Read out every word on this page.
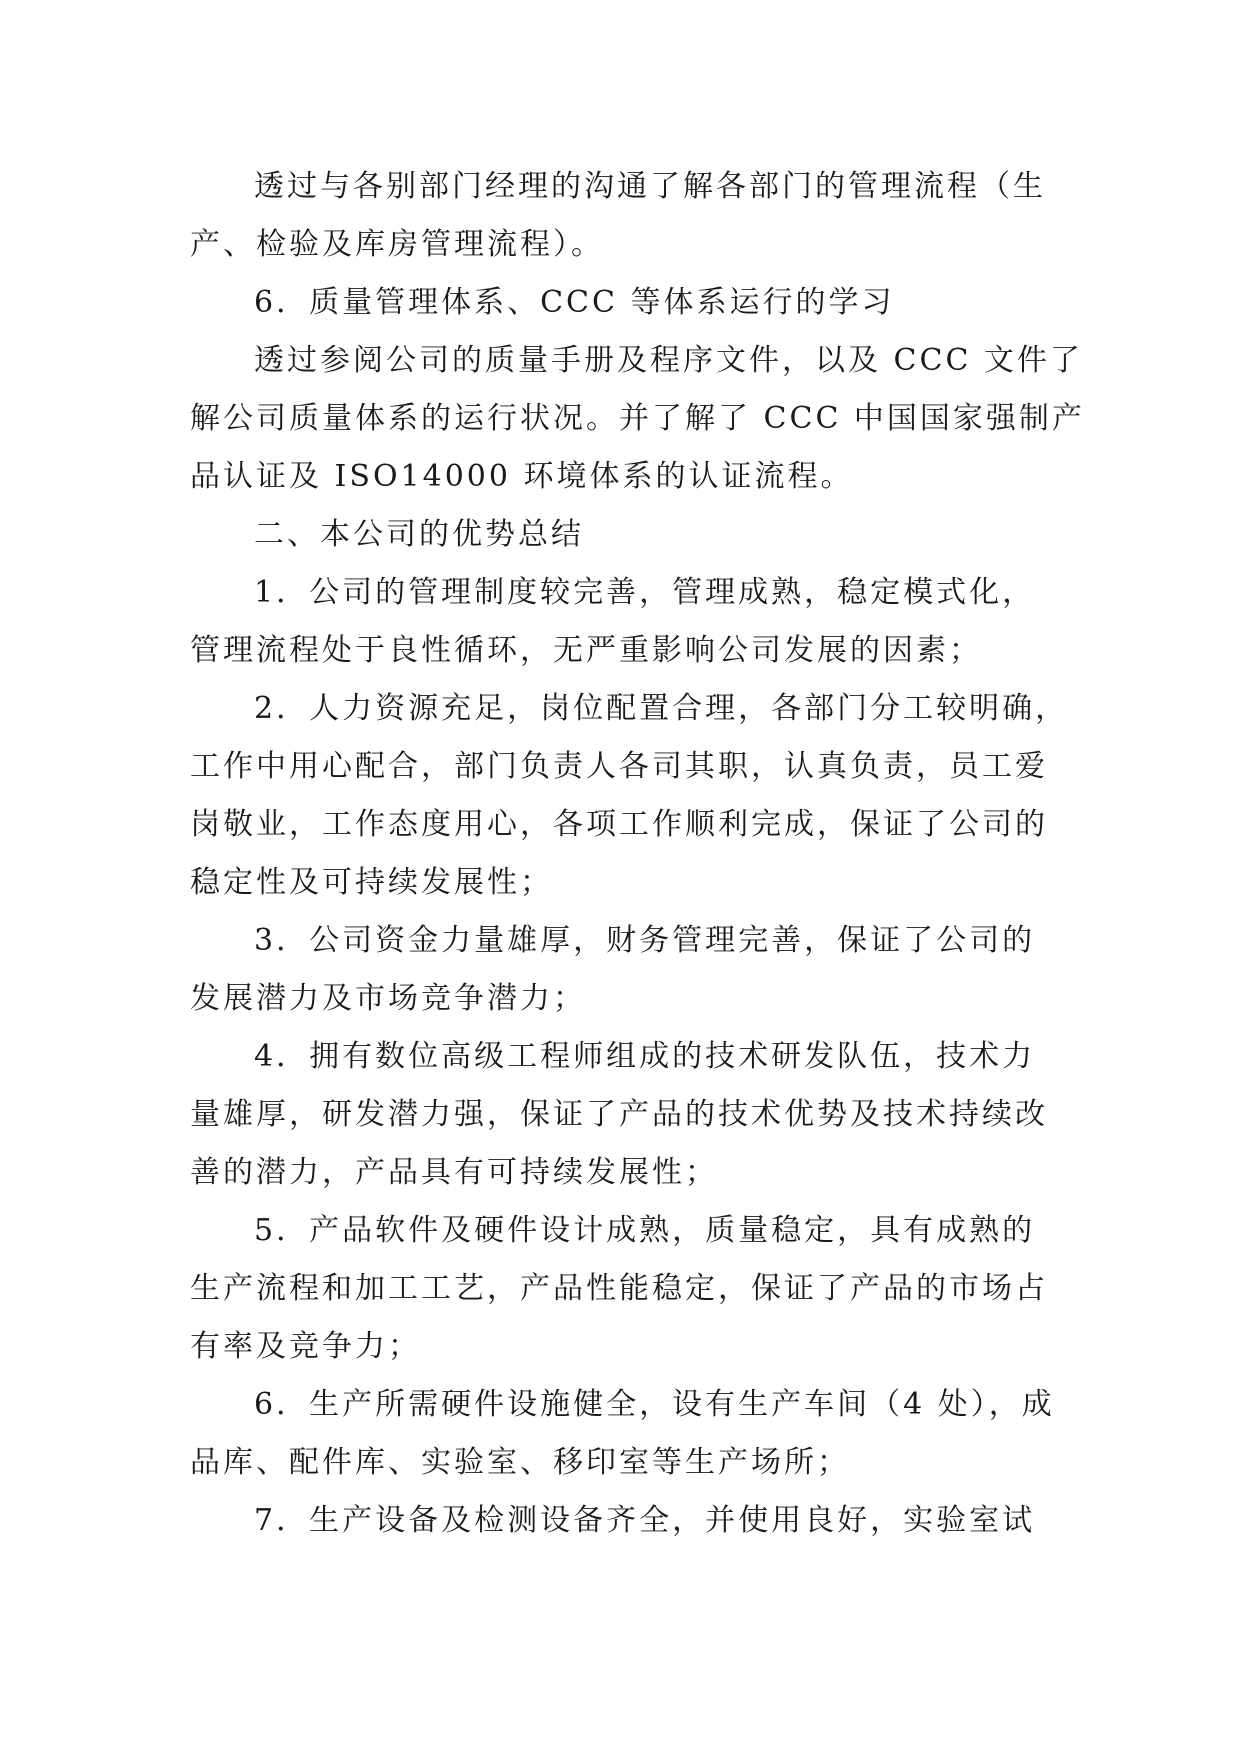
透过与各别部门经理的沟通了解各部门的管理流程（生
产、检验及库房管理流程）。
6．质量管理体系、CCC 等体系运行的学习
透过参阅公司的质量手册及程序文件，以及 CCC 文件了
解公司质量体系的运行状况。并了解了 CCC 中国国家强制产
品认证及 ISO14000 环境体系的认证流程。
二、本公司的优势总结
1．公司的管理制度较完善，管理成熟，稳定模式化，
管理流程处于良性循环，无严重影响公司发展的因素；
2．人力资源充足，岗位配置合理，各部门分工较明确，
工作中用心配合，部门负责人各司其职，认真负责，员工爱
岗敬业，工作态度用心，各项工作顺利完成，保证了公司的
稳定性及可持续发展性；
3．公司资金力量雄厚，财务管理完善，保证了公司的
发展潜力及市场竞争潜力；
4．拥有数位高级工程师组成的技术研发队伍，技术力
量雄厚，研发潜力强，保证了产品的技术优势及技术持续改
善的潜力，产品具有可持续发展性；
5．产品软件及硬件设计成熟，质量稳定，具有成熟的
生产流程和加工工艺，产品性能稳定，保证了产品的市场占
有率及竞争力；
6．生产所需硬件设施健全，设有生产车间（4 处），成
品库、配件库、实验室、移印室等生产场所；
7．生产设备及检测设备齐全，并使用良好，实验室试
